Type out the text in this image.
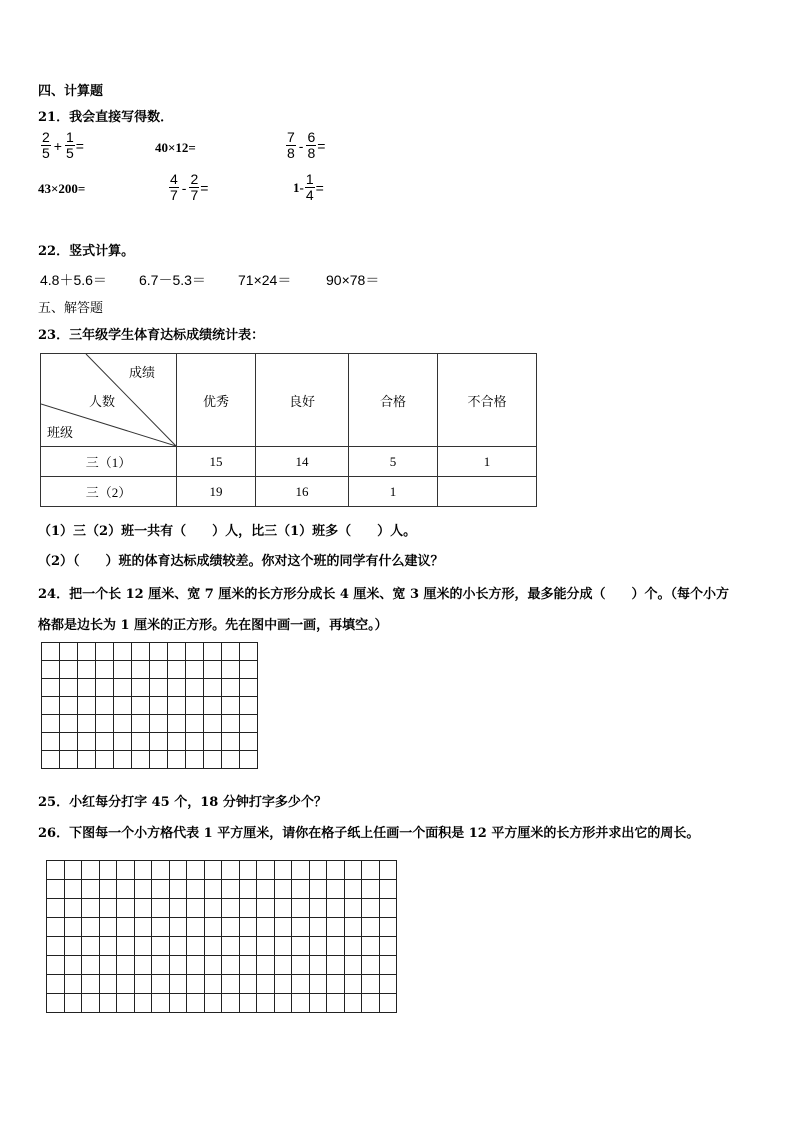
四、计算题
21．我会直接写得数．
$\frac{2}{5} + \frac{1}{5}$ =	40×12=	$\frac{7}{8} - \frac{6}{8}$ =
43×200=	$\frac{4}{7} - \frac{2}{7}$ =	$1- \frac{1}{4}$ =
22．竖式计算。
4.8＋5.6＝ 6.7－5.3＝ 71×24＝ 90×78＝
五、解答题
23．三年级学生体育达标成绩统计表：
成绩
人数
班级	优秀	良好	合格	不合格
三（1）	15	14	5	1
三（2）	19	16	1	
（1）三（2）班一共有（　　）人，比三（1）班多（　　）人。
（2）（　　）班的体育达标成绩较差。你对这个班的同学有什么建议？
24．把一个长 12 厘米、宽 7 厘米的长方形分成长 4 厘米、宽 3 厘米的小长方形，最多能分成（　　）个。（每个小方
格都是边长为 1 厘米的正方形。先在图中画一画，再填空。）

25．小红每分打字 45 个，18 分钟打字多少个？
26．下图每一个小方格代表 1 平方厘米，请你在格子纸上任画一个面积是 12 平方厘米的长方形并求出它的周长。
